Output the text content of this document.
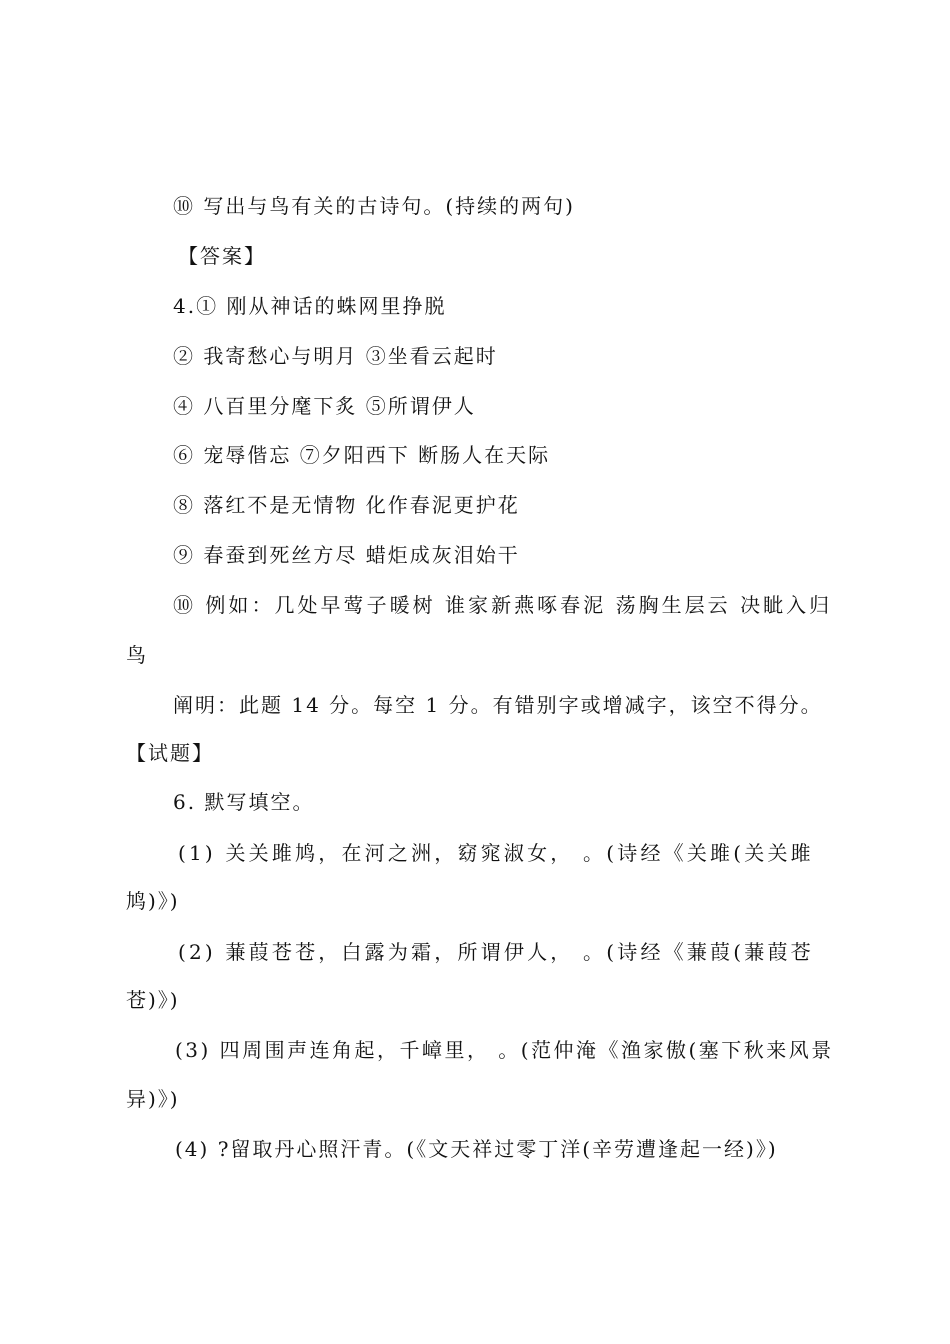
⑩ 写出与鸟有关的古诗句。(持续的两句)
【答案】
4.① 刚从神话的蛛网里挣脱
② 我寄愁心与明月 ③坐看云起时
④ 八百里分麾下炙 ⑤所谓伊人
⑥ 宠辱偕忘 ⑦夕阳西下 断肠人在天际
⑧ 落红不是无情物 化作春泥更护花
⑨ 春蚕到死丝方尽 蜡炬成灰泪始干
⑩ 例如：几处早莺子暖树 谁家新燕啄春泥 荡胸生层云 决眦入归
鸟
阐明：此题 14 分。每空 1 分。有错别字或增减字，该空不得分。
【试题】
6. 默写填空。
(1) 关关雎鸠，在河之洲，窈窕淑女， 。(诗经《关雎(关关雎
鸠)》)
(2) 蒹葭苍苍，白露为霜，所谓伊人， 。(诗经《蒹葭(蒹葭苍
苍)》)
(3) 四周围声连角起，千嶂里， 。(范仲淹《渔家傲(塞下秋来风景
异)》)
(4) ?留取丹心照汗青。(《文天祥过零丁洋(辛劳遭逢起一经)》)
